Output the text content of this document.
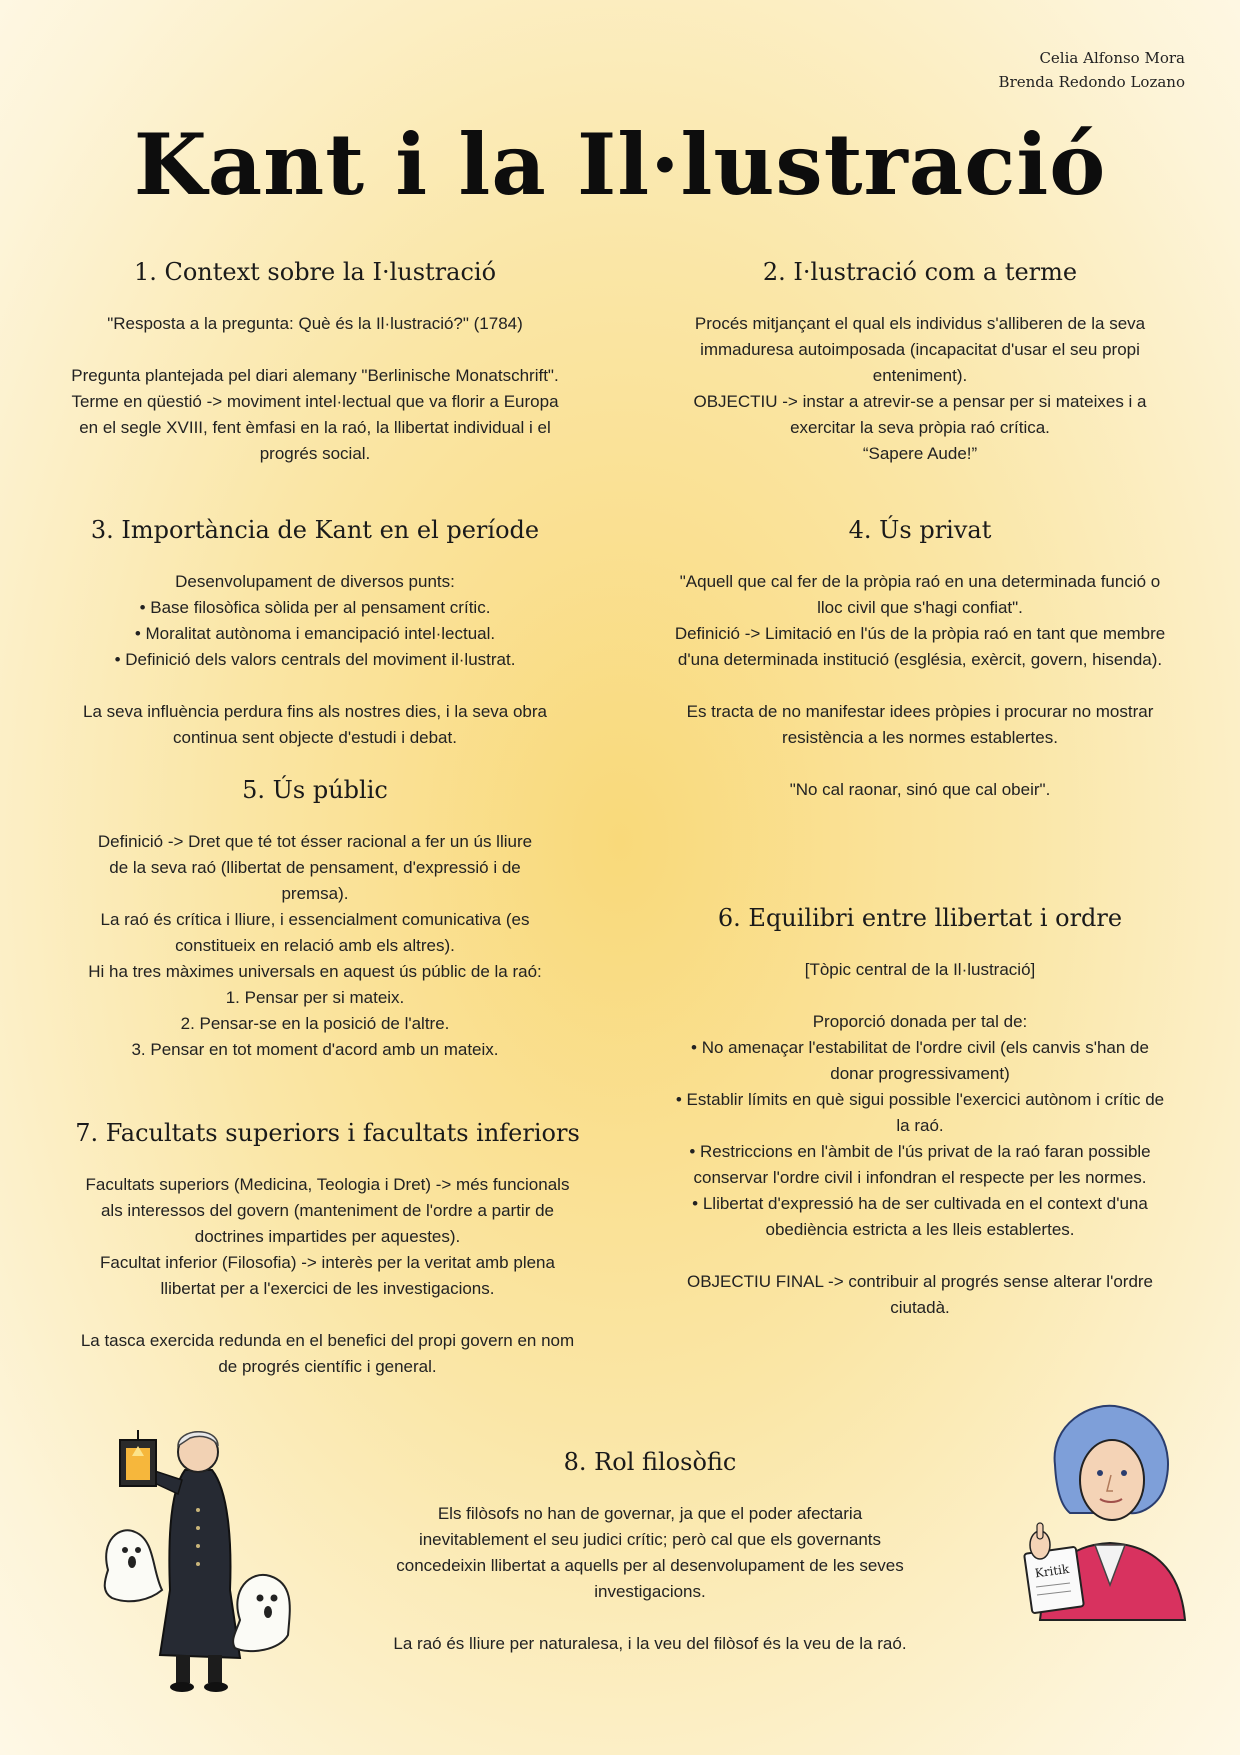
Celia Alfonso Mora
Brenda Redondo Lozano
Kant i la Il·lustració
1. Context sobre la I·lustració

"Resposta a la pregunta: Què és la Il·lustració?" (1784)

Pregunta plantejada pel diari alemany "Berlinische Monatschrift".

Terme en qüestió -> moviment intel·lectual que va florir a Europa

en el segle XVIII, fent èmfasi en la raó, la llibertat individual i el

progrés social.

2. I·lustració com a terme

Procés mitjançant el qual els individus s'alliberen de la seva

immaduresa autoimposada (incapacitat d'usar el seu propi

enteniment).

OBJECTIU -> instar a atrevir-se a pensar per si mateixes i a

exercitar la seva pròpia raó crítica.

“Sapere Aude!”

3. Importància de Kant en el període

Desenvolupament de diversos punts:

• Base filosòfica sòlida per al pensament crític.

• Moralitat autònoma i emancipació intel·lectual.

• Definició dels valors centrals del moviment il·lustrat.

La seva influència perdura fins als nostres dies, i la seva obra

continua sent objecte d'estudi i debat.

4. Ús privat

"Aquell que cal fer de la pròpia raó en una determinada funció o

lloc civil que s'hagi confiat".

Definició -> Limitació en l'ús de la pròpia raó en tant que membre

d'una determinada institució (església, exèrcit, govern, hisenda).

Es tracta de no manifestar idees pròpies i procurar no mostrar

resistència a les normes establertes.

"No cal raonar, sinó que cal obeir".

5. Ús públic

Definició -> Dret que té tot ésser racional a fer un ús lliure

de la seva raó (llibertat de pensament, d'expressió i de

premsa).

La raó és crítica i lliure, i essencialment comunicativa (es

constitueix en relació amb els altres).

Hi ha tres màximes universals en aquest ús públic de la raó:

1. Pensar per si mateix.

2. Pensar-se en la posició de l'altre.

3. Pensar en tot moment d'acord amb un mateix.

6. Equilibri entre llibertat i ordre

[Tòpic central de la Il·lustració]

Proporció donada per tal de:

• No amenaçar l'estabilitat de l'ordre civil (els canvis s'han de

donar progressivament)

• Establir límits en què sigui possible l'exercici autònom i crític de

la raó.

• Restriccions en l'àmbit de l'ús privat de la raó faran possible

conservar l'ordre civil i infondran el respecte per les normes.

• Llibertat d'expressió ha de ser cultivada en el context d'una

obediència estricta a les lleis establertes.

OBJECTIU FINAL -> contribuir al progrés sense alterar l'ordre

ciutadà.

7. Facultats superiors i facultats inferiors

Facultats superiors (Medicina, Teologia i Dret) -> més funcionals

als interessos del govern (manteniment de l'ordre a partir de

doctrines impartides per aquestes).

Facultat inferior (Filosofia) -> interès per la veritat amb plena

llibertat per a l'exercici de les investigacions.

La tasca exercida redunda en el benefici del propi govern en nom

de progrés científic i general.

8. Rol filosòfic

Els filòsofs no han de governar, ja que el poder afectaria

inevitablement el seu judici crític; però cal que els governants

concedeixin llibertat a aquells per al desenvolupament de les seves

investigacions.

La raó és lliure per naturalesa, i la veu del filòsof és la veu de la raó.

Kritik
